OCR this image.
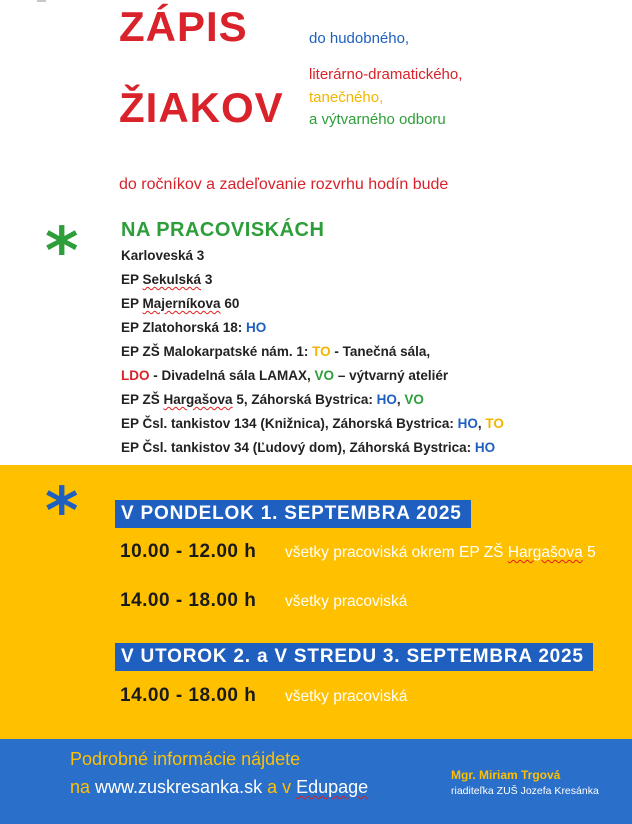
ZÁPIS
ŽIAKOV
do hudobného,
literárno-dramatického,
tanečného,
a výtvarného odboru
do ročníkov a zadeľovanie rozvrhu hodín bude
* NA PRACOVISKÁCH
Karloveská 3
EP Sekulská 3
EP Majerníkova 60
EP Zlatohorská 18: HO
EP ZŠ Malokarpatské nám. 1: TO - Tanečná sála,
LDO - Divadelná sála LAMAX, VO – výtvarný ateliér
EP ZŠ Hargašova 5, Záhorská Bystrica: HO, VO
EP Čsl. tankistov 134 (Knižnica), Záhorská Bystrica: HO, TO
EP Čsl. tankistov 34 (Ľudový dom), Záhorská Bystrica: HO
*	V PONDELOK 1. SEPTEMBRA 2025
10.00 - 12.00 h všetky pracoviská okrem EP ZŠ Hargašova 5
14.00 - 18.00 h všetky pracoviská
V UTOROK 2. a V STREDU 3. SEPTEMBRA 2025
14.00 - 18.00 h všetky pracoviská
Podrobné informácie nájdete
na www.zuskresanka.sk a v Edupage
Mgr. Miriam Trgová
riaditeľka ZUŠ Jozefa Kresánka
